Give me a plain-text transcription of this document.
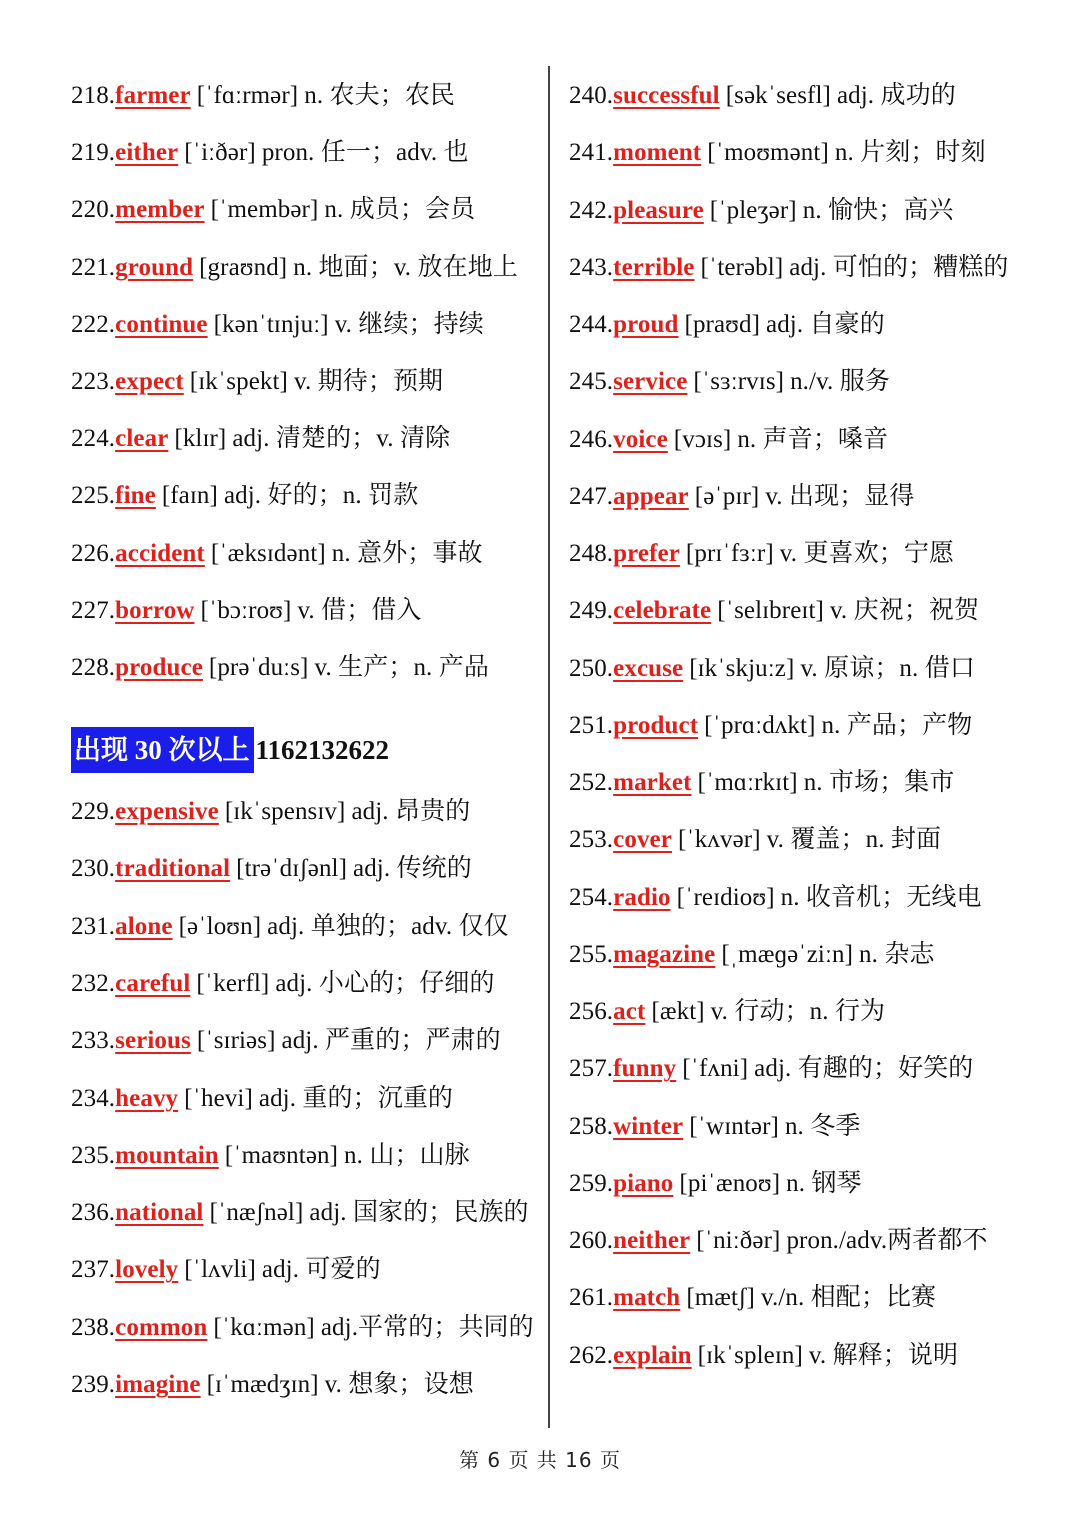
218.farmer [ˈfɑːrmər] n. 农夫；农民
219.either [ˈiːðər] pron. 任一；adv. 也
220.member [ˈmembər] n. 成员；会员
221.ground [graʊnd] n. 地面；v. 放在地上
222.continue [kənˈtɪnjuː] v. 继续；持续
223.expect [ɪkˈspekt] v. 期待；预期
224.clear [klɪr] adj. 清楚的；v. 清除
225.fine [faɪn] adj. 好的；n. 罚款
226.accident [ˈæksɪdənt] n. 意外；事故
227.borrow [ˈbɔːroʊ] v. 借；借入
228.produce [prəˈduːs] v. 生产；n. 产品
229.expensive [ɪkˈspensɪv] adj. 昂贵的
230.traditional [trəˈdɪʃənl] adj. 传统的
231.alone [əˈloʊn] adj. 单独的；adv. 仅仅
232.careful [ˈkerfl] adj. 小心的；仔细的
233.serious [ˈsɪriəs] adj. 严重的；严肃的
234.heavy [ˈhevi] adj. 重的；沉重的
235.mountain [ˈmaʊntən] n. 山；山脉
236.national [ˈnæʃnəl] adj. 国家的；民族的
237.lovely [ˈlʌvli] adj. 可爱的
238.common [ˈkɑːmən] adj.平常的；共同的
239.imagine [ɪˈmædʒɪn] v. 想象；设想
240.successful [səkˈsesfl] adj. 成功的
241.moment [ˈmoʊmənt] n. 片刻；时刻
242.pleasure [ˈpleʒər] n. 愉快；高兴
243.terrible [ˈterəbl] adj. 可怕的；糟糕的
244.proud [praʊd] adj. 自豪的
245.service [ˈsɜːrvɪs] n./v. 服务
246.voice [vɔɪs] n. 声音；嗓音
247.appear [əˈpɪr] v. 出现；显得
248.prefer [prɪˈfɜːr] v. 更喜欢；宁愿
249.celebrate [ˈselɪbreɪt] v. 庆祝；祝贺
250.excuse [ɪkˈskjuːz] v. 原谅；n. 借口
251.product [ˈprɑːdʌkt] n. 产品；产物
252.market [ˈmɑːrkɪt] n. 市场；集市
253.cover [ˈkʌvər] v. 覆盖；n. 封面
254.radio [ˈreɪdioʊ] n. 收音机；无线电
255.magazine [ˌmæɡəˈziːn] n. 杂志
256.act [ækt] v. 行动；n. 行为
257.funny [ˈfʌni] adj. 有趣的；好笑的
258.winter [ˈwɪntər] n. 冬季
259.piano [piˈænoʊ] n. 钢琴
260.neither [ˈniːðər] pron./adv.两者都不
261.match [mætʃ] v./n. 相配；比赛
262.explain [ɪkˈspleɪn] v. 解释；说明
出现 30 次以上 1162132622
第 6 页 共 16 页
